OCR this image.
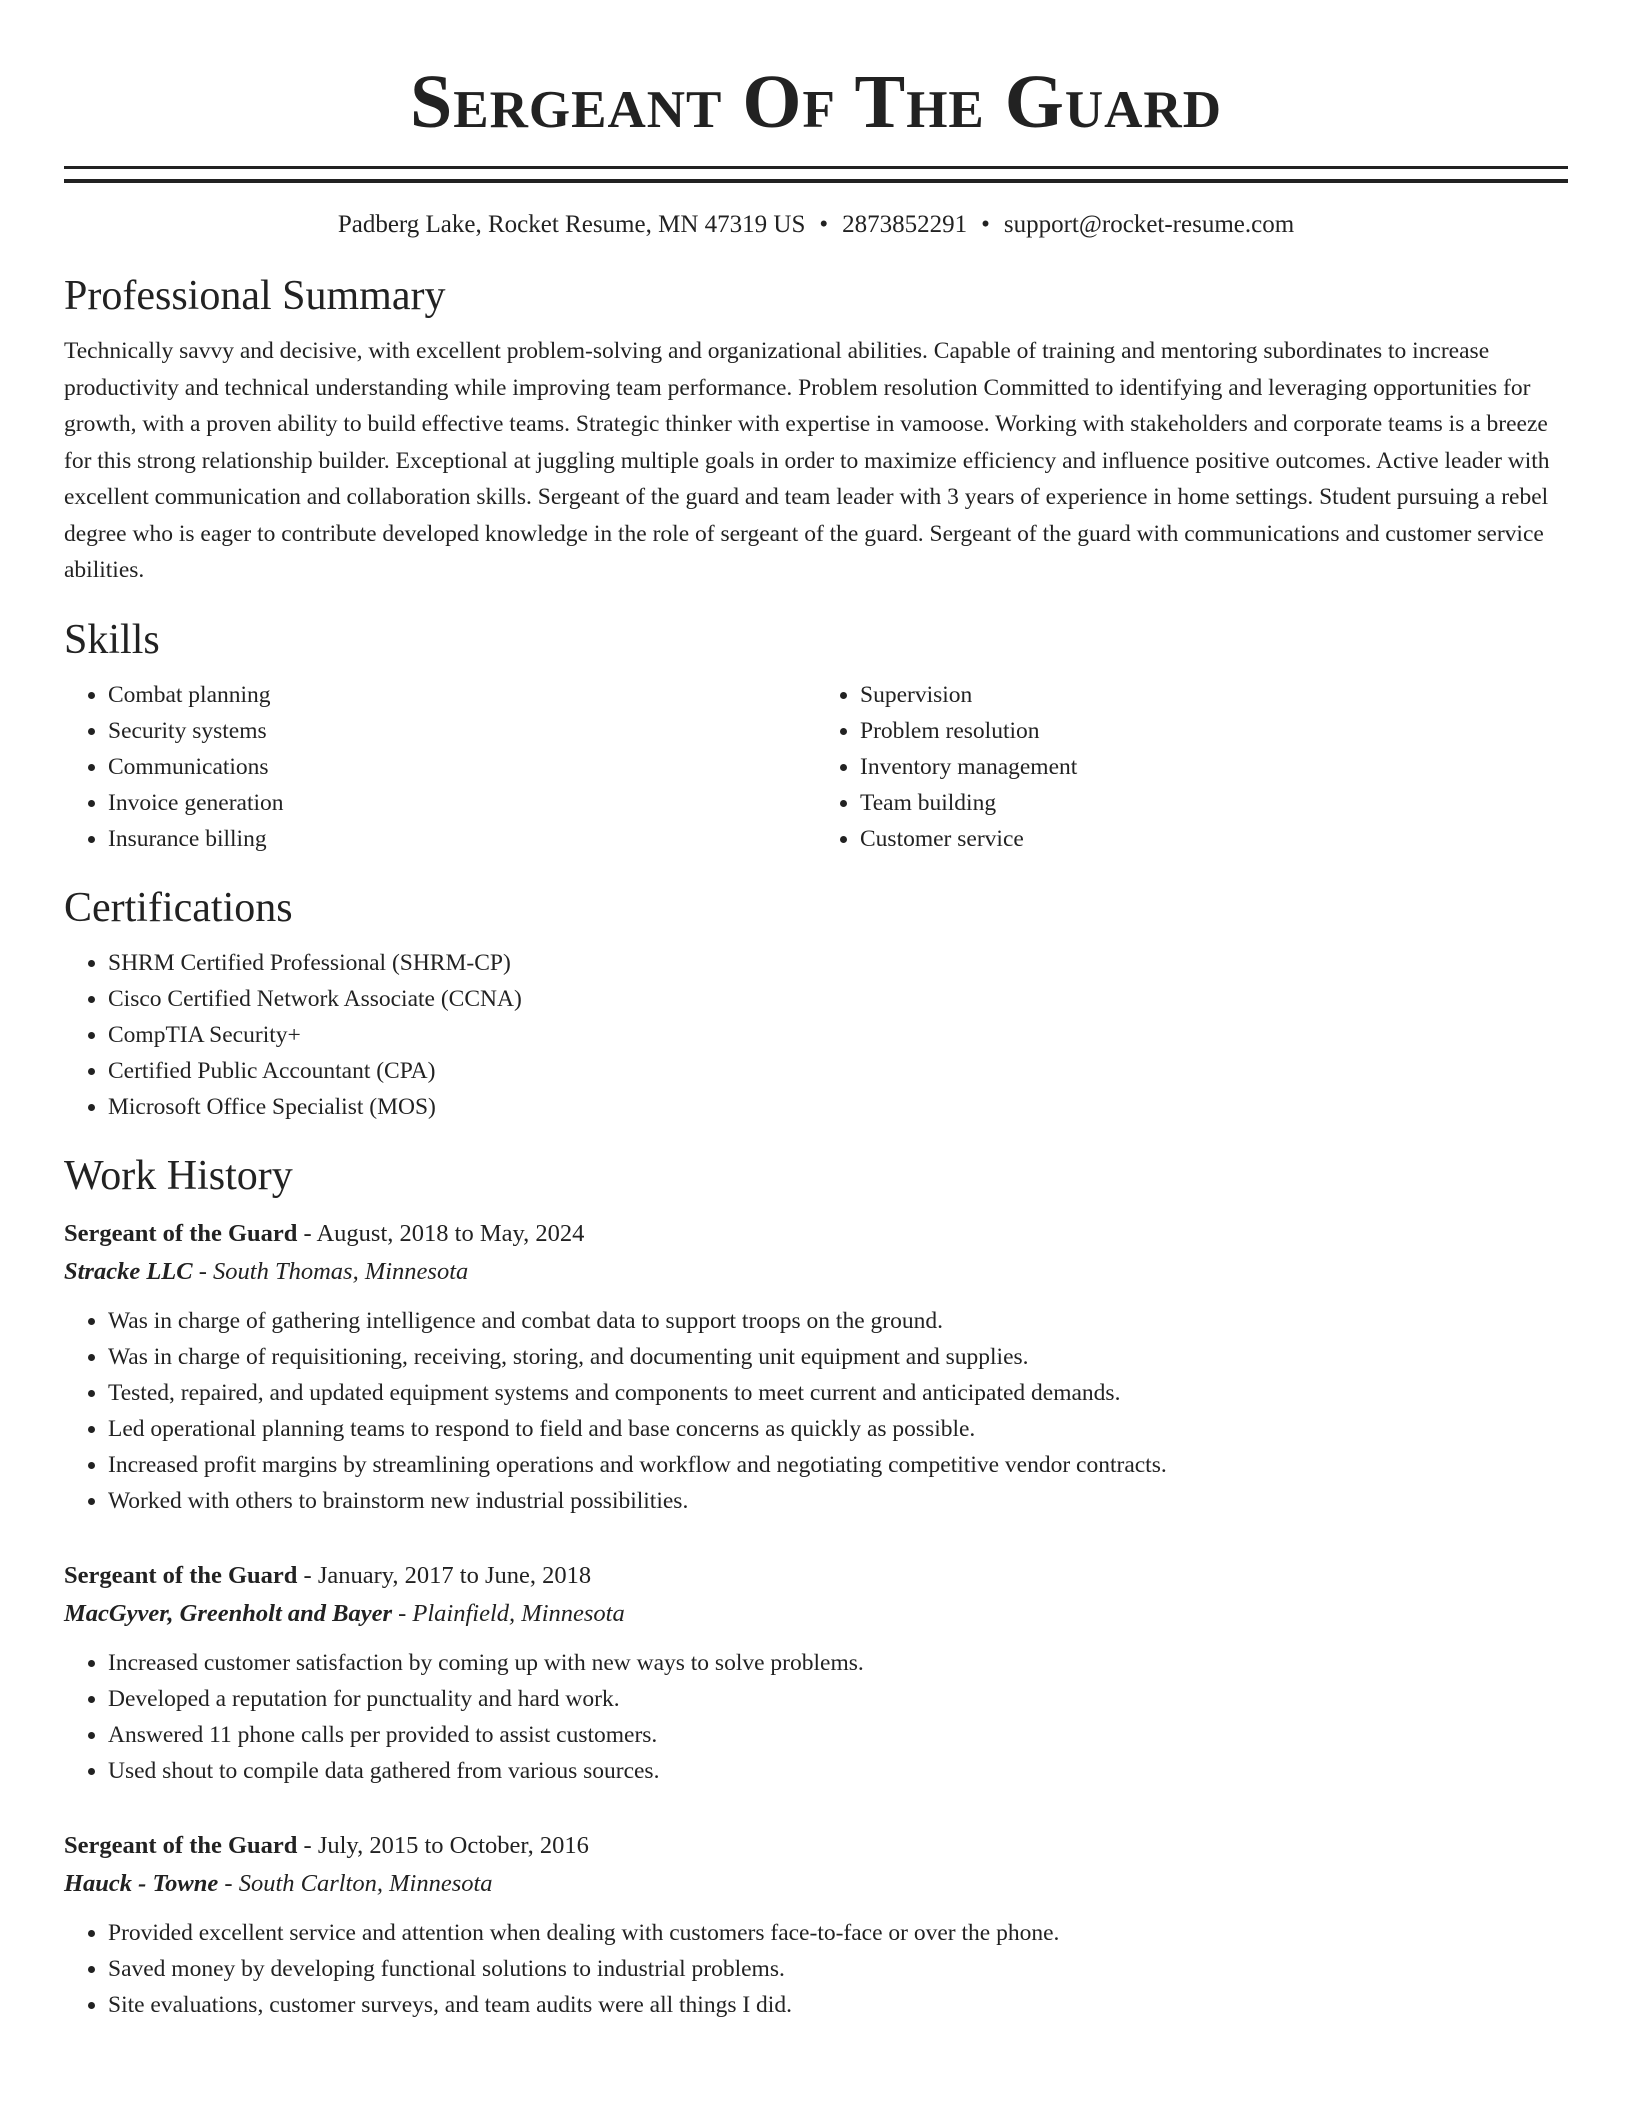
Sergeant Of The Guard
Padberg Lake, Rocket Resume, MN 47319 US • 2873852291 • support@rocket-resume.com
Professional Summary

Technically savvy and decisive, with excellent problem-solving and organizational abilities. Capable of training and mentoring subordinates to increase productivity and technical understanding while improving team performance. Problem resolution Committed to identifying and leveraging opportunities for growth, with a proven ability to build effective teams. Strategic thinker with expertise in vamoose. Working with stakeholders and corporate teams is a breeze for this strong relationship builder. Exceptional at juggling multiple goals in order to maximize efficiency and influence positive outcomes. Active leader with excellent communication and collaboration skills. Sergeant of the guard and team leader with 3 years of experience in home settings. Student pursuing a rebel degree who is eager to contribute developed knowledge in the role of sergeant of the guard. Sergeant of the guard with communications and customer service abilities.

Skills
• Combat planning
• Security systems
• Communications
• Invoice generation
• Insurance billing
• Supervision
• Problem resolution
• Inventory management
• Team building
• Customer service
Certifications
• SHRM Certified Professional (SHRM-CP)
• Cisco Certified Network Associate (CCNA)
• CompTIA Security+
• Certified Public Accountant (CPA)
• Microsoft Office Specialist (MOS)
Work History
Sergeant of the Guard - August, 2018 to May, 2024
Stracke LLC - South Thomas, Minnesota
• Was in charge of gathering intelligence and combat data to support troops on the ground.
• Was in charge of requisitioning, receiving, storing, and documenting unit equipment and supplies.
• Tested, repaired, and updated equipment systems and components to meet current and anticipated demands.
• Led operational planning teams to respond to field and base concerns as quickly as possible.
• Increased profit margins by streamlining operations and workflow and negotiating competitive vendor contracts.
• Worked with others to brainstorm new industrial possibilities.
Sergeant of the Guard - January, 2017 to June, 2018
MacGyver, Greenholt and Bayer - Plainfield, Minnesota
• Increased customer satisfaction by coming up with new ways to solve problems.
• Developed a reputation for punctuality and hard work.
• Answered 11 phone calls per provided to assist customers.
• Used shout to compile data gathered from various sources.
Sergeant of the Guard - July, 2015 to October, 2016
Hauck - Towne - South Carlton, Minnesota
• Provided excellent service and attention when dealing with customers face-to-face or over the phone.
• Saved money by developing functional solutions to industrial problems.
• Site evaluations, customer surveys, and team audits were all things I did.
